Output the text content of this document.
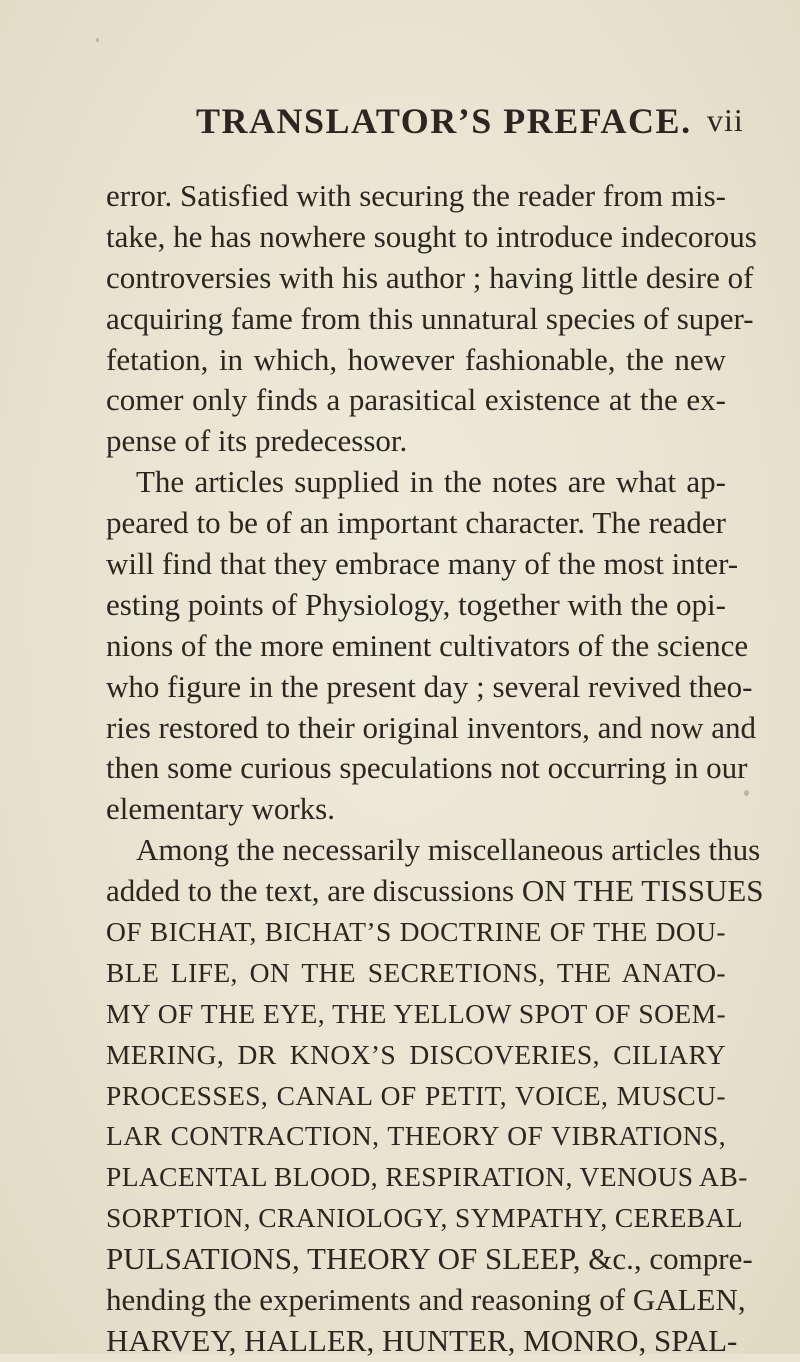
TRANSLATOR’S PREFACE. vii
error. Satisfied with securing the reader from mis-
take, he has nowhere sought to introduce indecorous
controversies with his author ; having little desire of
acquiring fame from this unnatural species of super-
fetation, in which, however fashionable, the new
comer only finds a parasitical existence at the ex-
pense of its predecessor.
The articles supplied in the notes are what ap-
peared to be of an important character. The reader
will find that they embrace many of the most inter-
esting points of Physiology, together with the opi-
nions of the more eminent cultivators of the science
who figure in the present day ; several revived theo-
ries restored to their original inventors, and now and
then some curious speculations not occurring in our
elementary works.
Among the necessarily miscellaneous articles thus
added to the text, are discussions ON THE TISSUES
OF BICHAT, BICHAT’S DOCTRINE OF THE DOU-
BLE LIFE, ON THE SECRETIONS, THE ANATO-
MY OF THE EYE, THE YELLOW SPOT OF SOEM-
MERING, DR KNOX’S DISCOVERIES, CILIARY
PROCESSES, CANAL OF PETIT, VOICE, MUSCU-
LAR CONTRACTION, THEORY OF VIBRATIONS,
PLACENTAL BLOOD, RESPIRATION, VENOUS AB-
SORPTION, CRANIOLOGY, SYMPATHY, CEREBAL
PULSATIONS, THEORY OF SLEEP, &c., compre-
hending the experiments and reasoning of GALEN,
HARVEY, HALLER, HUNTER, MONRO, SPAL-
